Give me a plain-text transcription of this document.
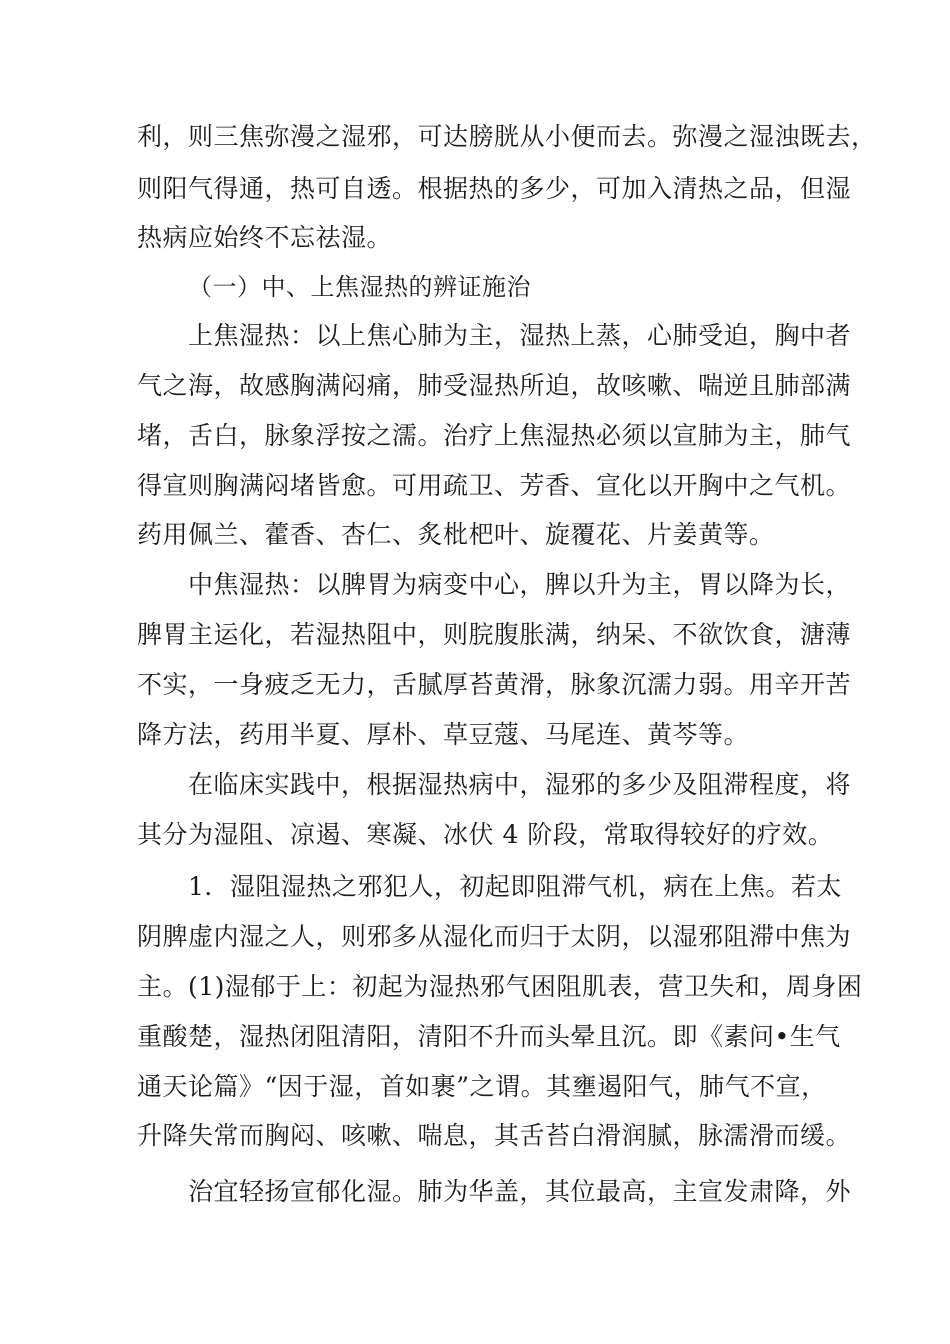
利，则三焦弥漫之湿邪，可达膀胱从小便而去。弥漫之湿浊既去，
则阳气得通，热可自透。根据热的多少，可加入清热之品，但湿
热病应始终不忘祛湿。
（一）中、上焦湿热的辨证施治
上焦湿热：以上焦心肺为主，湿热上蒸，心肺受迫，胸中者
气之海，故感胸满闷痛，肺受湿热所迫，故咳嗽、喘逆且肺部满
堵，舌白，脉象浮按之濡。治疗上焦湿热必须以宣肺为主，肺气
得宣则胸满闷堵皆愈。可用疏卫、芳香、宣化以开胸中之气机。
药用佩兰、藿香、杏仁、炙枇杷叶、旋覆花、片姜黄等。
中焦湿热：以脾胃为病变中心，脾以升为主，胃以降为长，
脾胃主运化，若湿热阻中，则脘腹胀满，纳呆、不欲饮食，溏薄
不实，一身疲乏无力，舌腻厚苔黄滑，脉象沉濡力弱。用辛开苦
降方法，药用半夏、厚朴、草豆蔻、马尾连、黄芩等。
在临床实践中，根据湿热病中，湿邪的多少及阻滞程度，将
其分为湿阻、凉遏、寒凝、冰伏 4 阶段，常取得较好的疗效。
1．湿阻湿热之邪犯人，初起即阻滞气机，病在上焦。若太
阴脾虚内湿之人，则邪多从湿化而归于太阴，以湿邪阻滞中焦为
主。(1)湿郁于上：初起为湿热邪气困阻肌表，营卫失和，周身困
重酸楚，湿热闭阻清阳，清阳不升而头晕且沉。即《素问•生气
通天论篇》“因于湿，首如裹”之谓。其壅遏阳气，肺气不宣，
升降失常而胸闷、咳嗽、喘息，其舌苔白滑润腻，脉濡滑而缓。
治宜轻扬宣郁化湿。肺为华盖，其位最高，主宣发肃降，外
